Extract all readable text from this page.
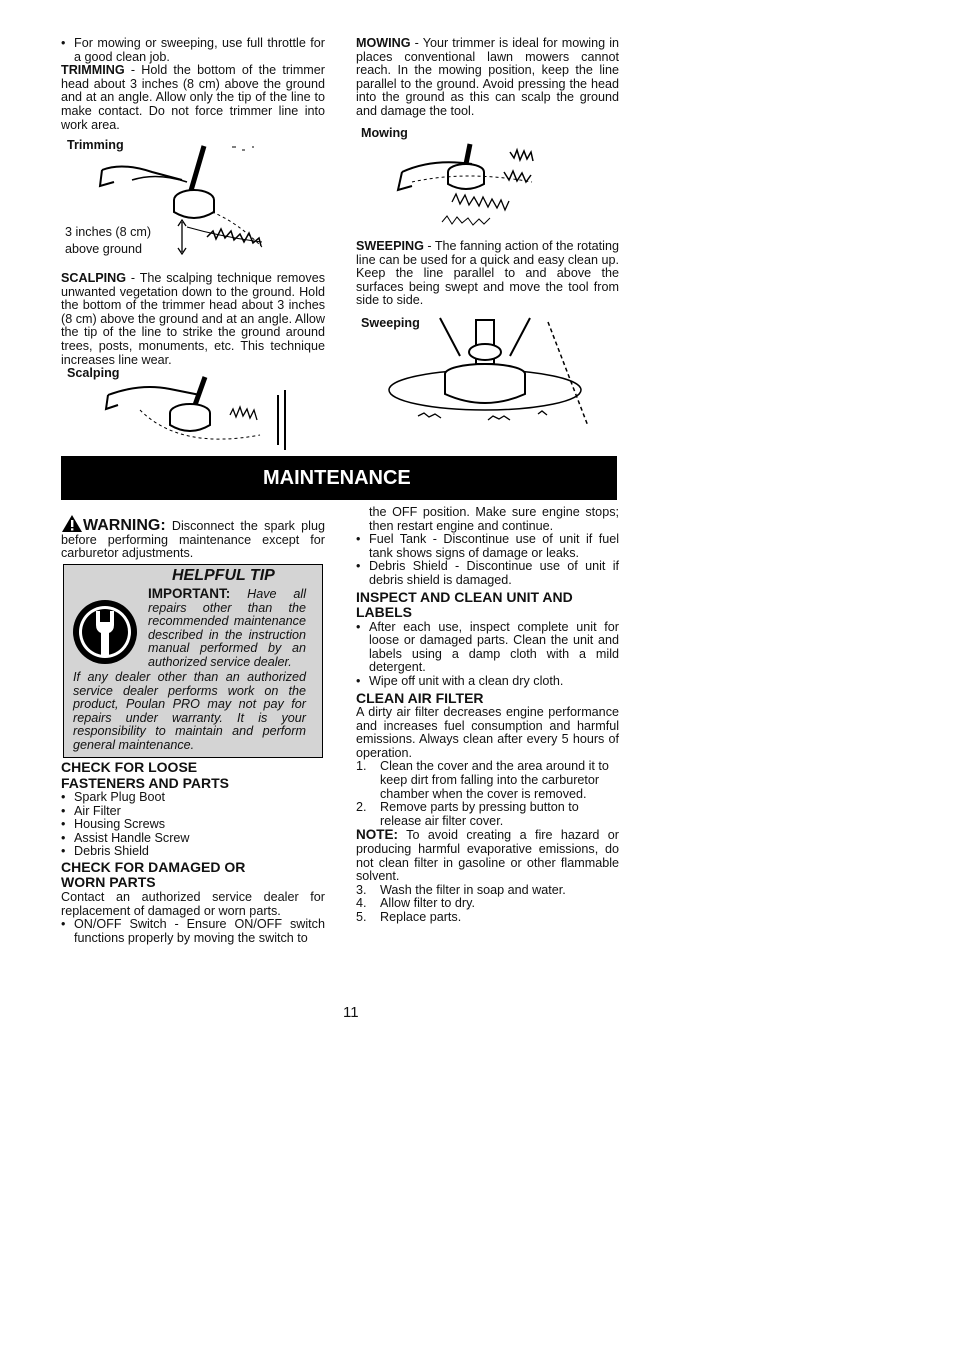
• For mowing or sweeping, use full throttle for a good clean job.

TRIMMING - Hold the bottom of the trimmer head about 3 inches (8 cm) above the ground and at an angle. Allow only the tip of the line to make contact. Do not force trimmer line into work area.

Trimming
3 inches (8 cm)
above ground

SCALPING - The scalping technique removes unwanted vegetation down to the ground. Hold the bottom of the trimmer head about 3 inches (8 cm) above the ground and at an angle. Allow the tip of the line to strike the ground around trees, posts, monuments, etc. This technique increases line wear.

Scalping

MOWING - Your trimmer is ideal for mowing in places conventional lawn mowers cannot reach. In the mowing position, keep the line parallel to the ground. Avoid pressing the head into the ground as this can scalp the ground and damage the tool.

Mowing

SWEEPING - The fanning action of the rotating line can be used for a quick and easy clean up. Keep the line parallel to and above the surfaces being swept and move the tool from side to side.

Sweeping
MAINTENANCE

WARNING: Disconnect the spark plug before performing maintenance except for carburetor adjustments.

HELPFUL TIP
IMPORTANT: Have all repairs other than the recommended maintenance described in the instruction manual performed by an authorized service dealer.
If any dealer other than an authorized service dealer performs work on the product, Poulan PRO may not pay for repairs under warranty. It is your responsibility to maintain and perform general maintenance.
CHECK FOR LOOSE FASTENERS AND PARTS
• Spark Plug Boot
• Air Filter
• Housing Screws
• Assist Handle Screw
• Debris Shield
CHECK FOR DAMAGED OR WORN PARTS

Contact an authorized service dealer for replacement of damaged or worn parts.

• ON/OFF Switch - Ensure ON/OFF switch functions properly by moving the switch to
the OFF position. Make sure engine stops; then restart engine and continue.
• Fuel Tank - Discontinue use of unit if fuel tank shows signs of damage or leaks.
• Debris Shield - Discontinue use of unit if debris shield is damaged.
INSPECT AND CLEAN UNIT AND LABELS
• After each use, inspect complete unit for loose or damaged parts. Clean the unit and labels using a damp cloth with a mild detergent.
• Wipe off unit with a clean dry cloth.
CLEAN AIR FILTER

A dirty air filter decreases engine performance and increases fuel consumption and harmful emissions. Always clean after every 5 hours of operation.

1. Clean the cover and the area around it to keep dirt from falling into the carburetor chamber when the cover is removed.
2. Remove parts by pressing button to release air filter cover.

NOTE: To avoid creating a fire hazard or producing harmful evaporative emissions, do not clean filter in gasoline or other flammable solvent.

3. Wash the filter in soap and water.
4. Allow filter to dry.
5. Replace parts.
11
